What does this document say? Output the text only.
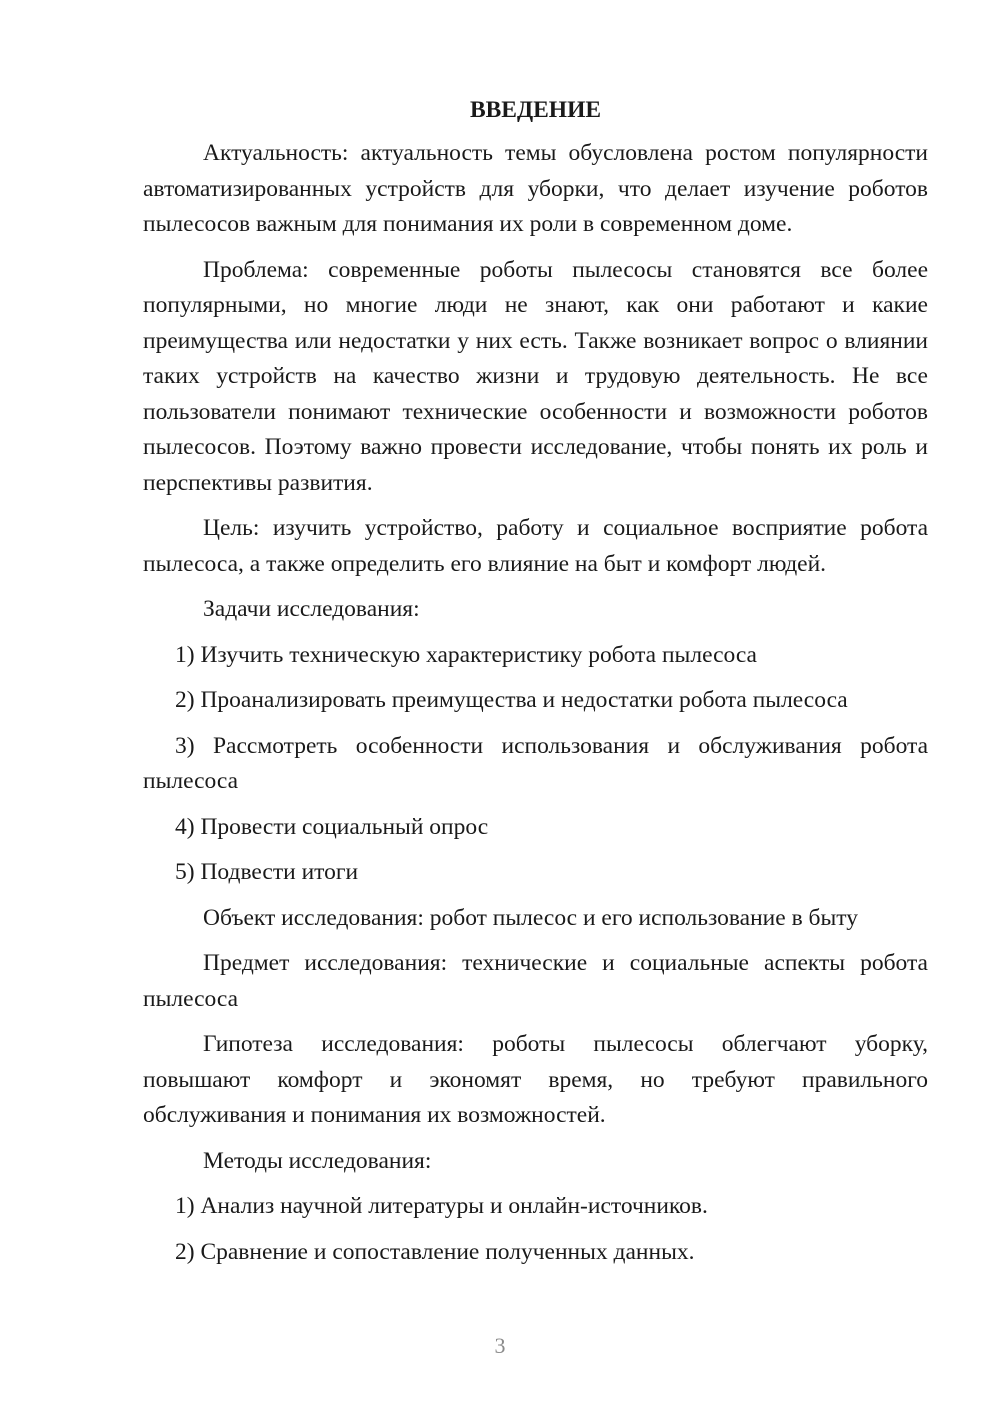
ВВЕДЕНИЕ

Актуальность: актуальность темы обусловлена ростом популярности автоматизированных устройств для уборки, что делает изучение роботов пылесосов важным для понимания их роли в современном доме.

Проблема: современные роботы пылесосы становятся все более популярными, но многие люди не знают, как они работают и какие преимущества или недостатки у них есть. Также возникает вопрос о влиянии таких устройств на качество жизни и трудовую деятельность. Не все пользователи понимают технические особенности и возможности роботов пылесосов. Поэтому важно провести исследование, чтобы понять их роль и перспективы развития.

Цель: изучить устройство, работу и социальное восприятие робота пылесоса, а также определить его влияние на быт и комфорт людей.

Задачи исследования:

1) Изучить техническую характеристику робота пылесоса

2) Проанализировать преимущества и недостатки робота пылесоса

3) Рассмотреть особенности использования и обслуживания робота пылесоса

4) Провести социальный опрос

5) Подвести итоги

Объект исследования: робот пылесос и его использование в быту

Предмет исследования: технические и социальные аспекты робота пылесоса

Гипотеза исследования: роботы пылесосы облегчают уборку, повышают комфорт и экономят время, но требуют правильного обслуживания и понимания их возможностей.

Методы исследования:

1) Анализ научной литературы и онлайн-источников.

2) Сравнение и сопоставление полученных данных.

3
